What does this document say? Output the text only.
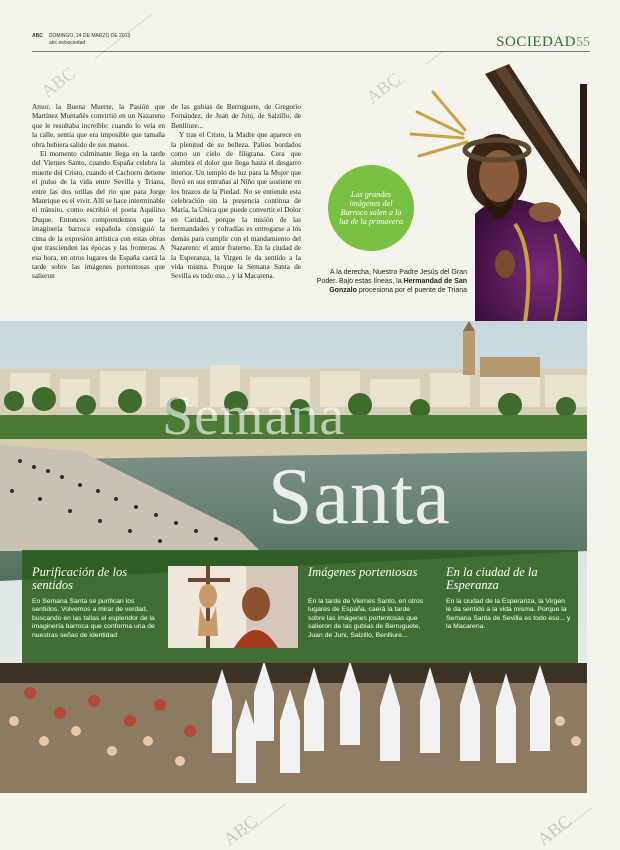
ABC DOMINGO, 24 DE MARZO DE 2013
abc.es/sociedad	SOCIEDAD 55
ABC	ABC

Amor, la Buena Muerte, la Pasión que Martínez Montañés convirtió en un Nazareno que le resultaba increíble: cuando lo veía en la calle, sentía que era imposible que tamaña obra hubiera salido de sus manos.

El momento culminante llega en la tarde del Viernes Santo, cuando España celebra la muerte del Cristo, cuando el Cachorro detiene el pulso de la vida entre Sevilla y Triana, entre las dos orillas del río que para Jorge Manrique es el vivir. Allí se hace interminable el tránsito, como escribió el poeta Aquilino Duque. Entonces comprendemos que la imaginería barroca española consiguió la cima de la expresión artística con estas obras que trascienden las épocas y las fronteras. A esa hora, en otros lugares de España caerá la tarde sobre las imágenes portentosas que salieron

de las gubias de Berruguete, de Gregorio Fernández, de Juan de Juni, de Salzillo, de Benlliure...

Y tras el Cristo, la Madre que aparece en la plenitud de su belleza. Palios bordados como un cielo de filigrana. Cera que alumbra el dolor que llega hasta el desgarro interior. Un templo de luz para la Mujer que llevó en sus entrañas al Niño que sostiene en los brazos de la Piedad. No se entiende esta celebración sin la presencia continua de María, la Única que puede convertir el Dolor en Caridad, porque la misión de las hermandades y cofradías es entregarse a los demás para cumplir con el mandamiento del Nazareno: el amor fraterno. En la ciudad de la Esperanza, la Virgen le da sentido a la vida misma. Porque la Semana Santa de Sevilla es todo eso... y la Macarena.

Las grandes imágenes del Barroco salen a la luz de la primavera
A la derecha, Nuestro Padre Jesús del Gran Poder. Bajo estas líneas, la Hermandad de San Gonzalo procesiona por el puente de Triana
Semana
Santa
Purificación de los sentidos
En Semana Santa se purifican los sentidos. Volvemos a mirar de verdad, buscando en las tallas el esplendor de la imaginería barroca que conforma una de nuestras señas de identidad
Imágenes portentosas
En la tarde de Viernes Santo, en otros lugares de España, caerá la tarde sobre las imágenes portentosas que salieron de las gubias de Berruguete, Juan de Juni, Salzillo, Benlliure...
En la ciudad de la Esperanza
En la ciudad de la Esperanza, la Virgen le da sentido a la vida misma. Porque la Semana Santa de Sevilla es todo eso... y la Macarena.
ABC	ABC
